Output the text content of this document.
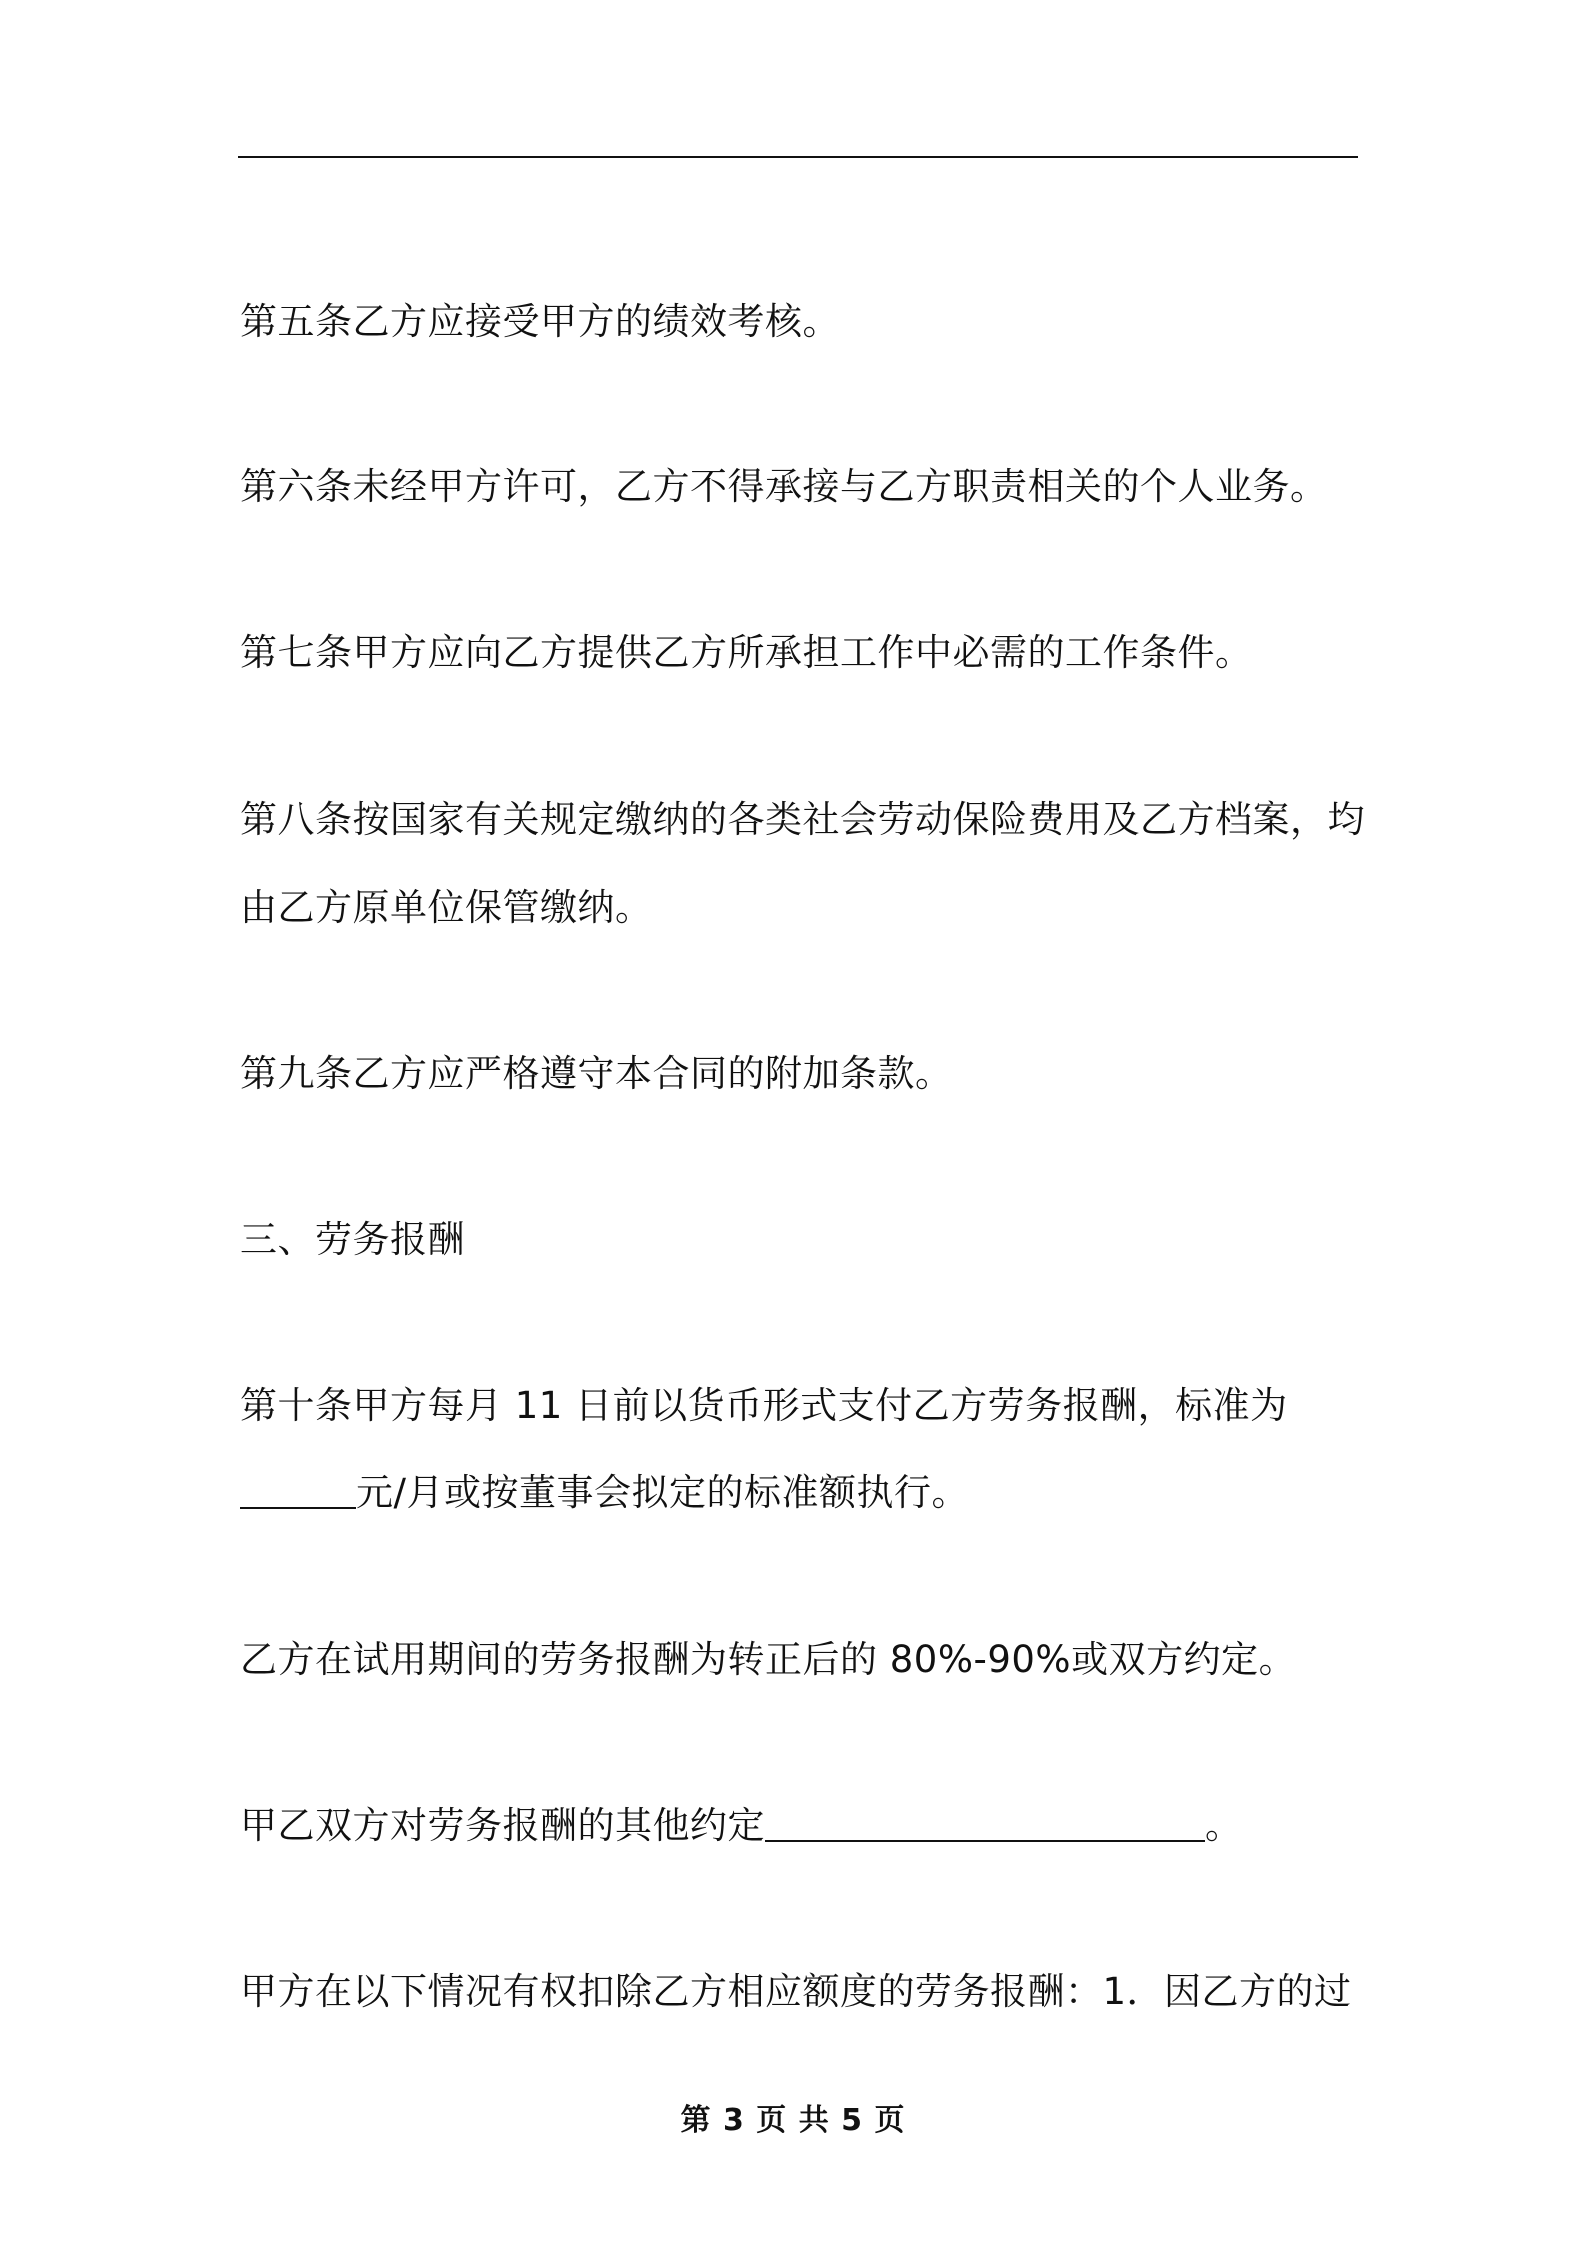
第五条乙方应接受甲方的绩效考核。

第六条未经甲方许可，乙方不得承接与乙方职责相关的个人业务。

第七条甲方应向乙方提供乙方所承担工作中必需的工作条件。

第八条按国家有关规定缴纳的各类社会劳动保险费用及乙方档案，均

由乙方原单位保管缴纳。

第九条乙方应严格遵守本合同的附加条款。

三、劳务报酬

第十条甲方每月 11 日前以货币形式支付乙方劳务报酬，标准为

元/月或按董事会拟定的标准额执行。

乙方在试用期间的劳务报酬为转正后的 80%-90%或双方约定。

甲乙双方对劳务报酬的其他约定	。

甲方在以下情况有权扣除乙方相应额度的劳务报酬：1．因乙方的过

第 3 页 共 5 页
